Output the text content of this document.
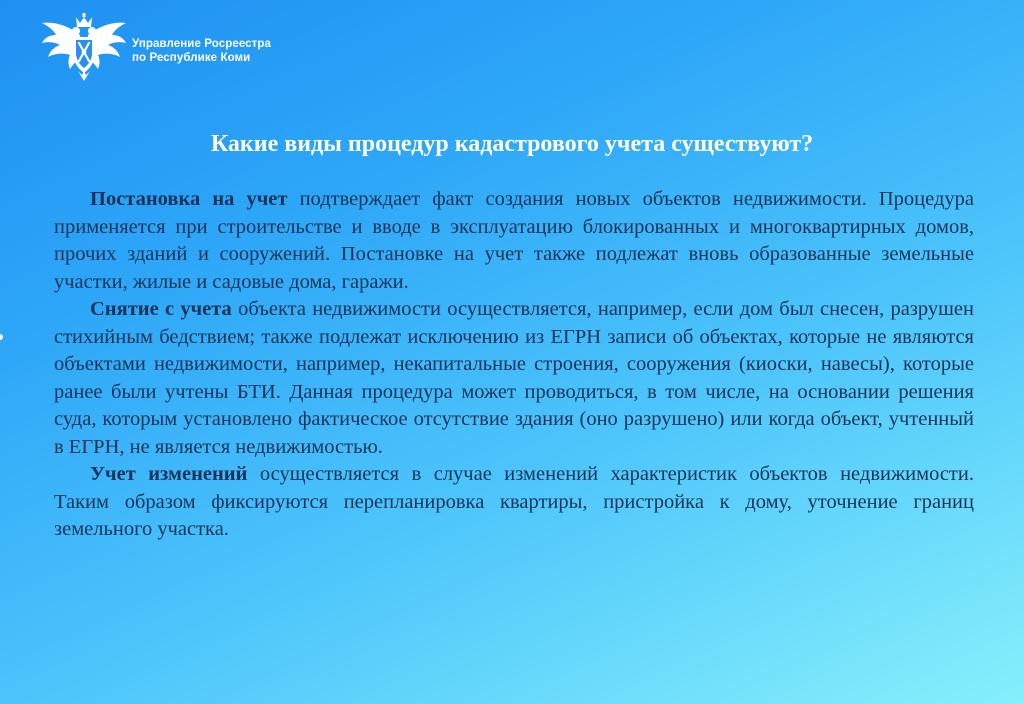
Управление Росреестра
по Республике Коми
Какие виды процедур кадастрового учета существуют?

Постановка на учет подтверждает факт создания новых объектов недвижимости. Процедура применяется при строительстве и вводе в эксплуатацию блокированных и многоквартирных домов, прочих зданий и сооружений. Постановке на учет также подлежат вновь образованные земельные участки, жилые и садовые дома, гаражи.

Снятие с учета объекта недвижимости осуществляется, например, если дом был снесен, разрушен стихийным бедствием; также подлежат исключению из ЕГРН записи об объектах, которые не являются объектами недвижимости, например, некапитальные строения, сооружения (киоски, навесы), которые ранее были учтены БТИ. Данная процедура может проводиться, в том числе, на основании решения суда, которым установлено фактическое отсутствие здания (оно разрушено) или когда объект, учтенный в ЕГРН, не является недвижимостью.

Учет изменений осуществляется в случае изменений характеристик объектов недвижимости. Таким образом фиксируются перепланировка квартиры, пристройка к дому, уточнение границ земельного участка.
